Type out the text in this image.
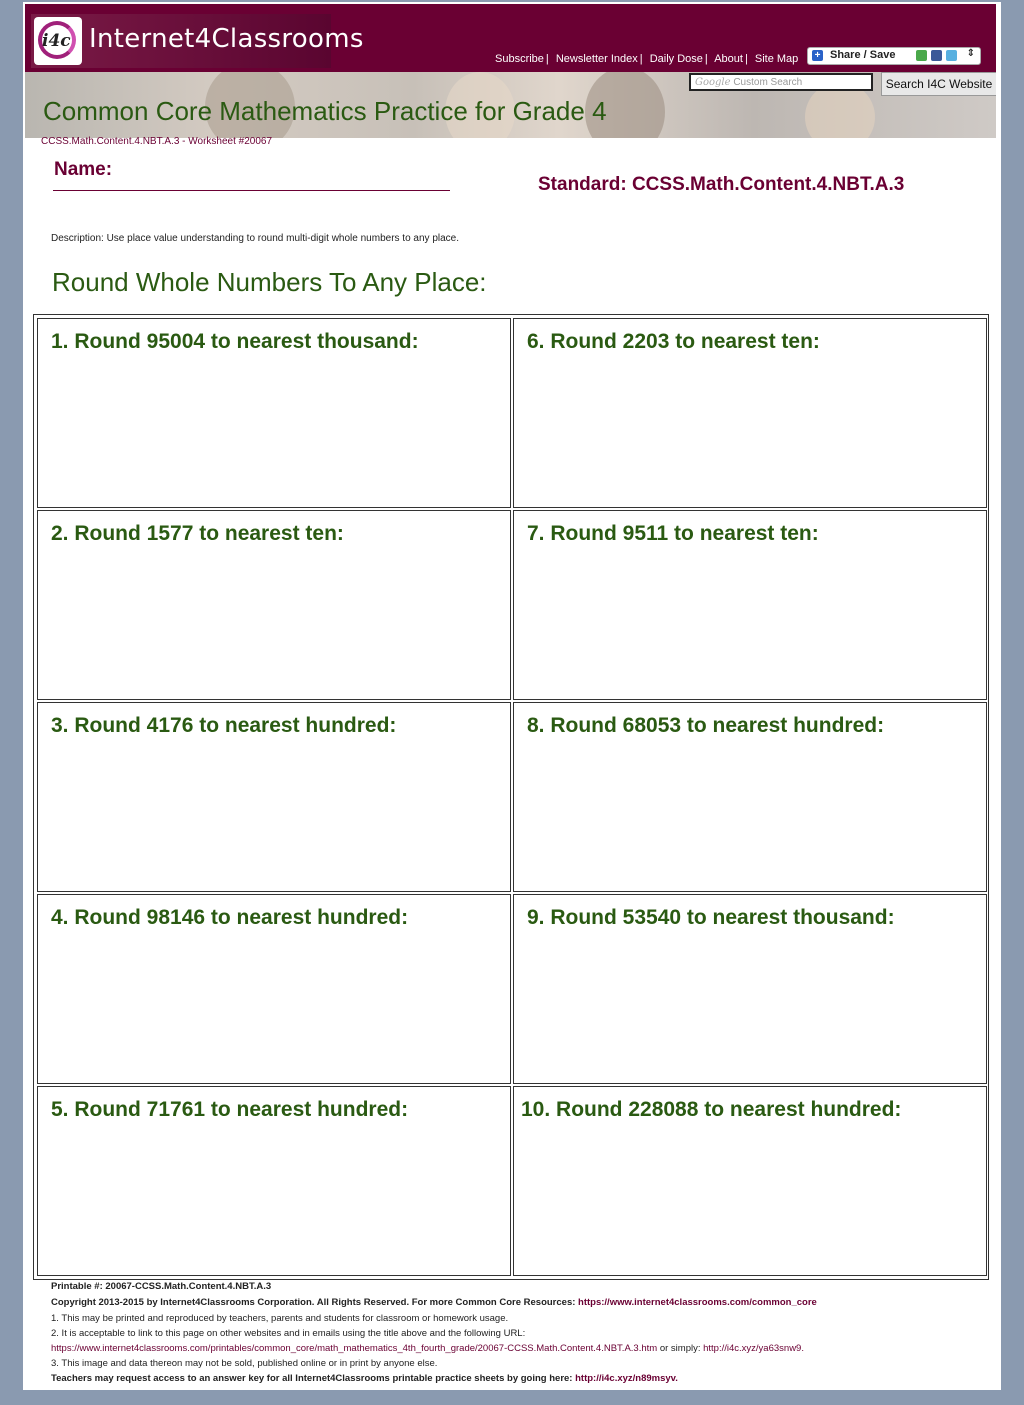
i4c Internet4Classrooms
Subscribe | Newsletter Index | Daily Dose | About | Site Map + Share / Save	⇕
Google Custom Search	Search I4C Website
Common Core Mathematics Practice for Grade 4
CCSS.Math.Content.4.NBT.A.3 - Worksheet #20067
Name:
Standard: CCSS.Math.Content.4.NBT.A.3
Description: Use place value understanding to round multi-digit whole numbers to any place.
Round Whole Numbers To Any Place:
1. Round 95004 to nearest thousand:	6. Round 2203 to nearest ten:
2. Round 1577 to nearest ten:	7. Round 9511 to nearest ten:
3. Round 4176 to nearest hundred:	8. Round 68053 to nearest hundred:
4. Round 98146 to nearest hundred:	9. Round 53540 to nearest thousand:
5. Round 71761 to nearest hundred:	10. Round 228088 to nearest hundred:
Printable #: 20067-CCSS.Math.Content.4.NBT.A.3
Copyright 2013-2015 by Internet4Classrooms Corporation. All Rights Reserved. For more Common Core Resources: https://www.internet4classrooms.com/common_core
1. This may be printed and reproduced by teachers, parents and students for classroom or homework usage.
2. It is acceptable to link to this page on other websites and in emails using the title above and the following URL:
https://www.internet4classrooms.com/printables/common_core/math_mathematics_4th_fourth_grade/20067-CCSS.Math.Content.4.NBT.A.3.htm or simply: http://i4c.xyz/ya63snw9.
3. This image and data thereon may not be sold, published online or in print by anyone else.
Teachers may request access to an answer key for all Internet4Classrooms printable practice sheets by going here: http://i4c.xyz/n89msyv.
